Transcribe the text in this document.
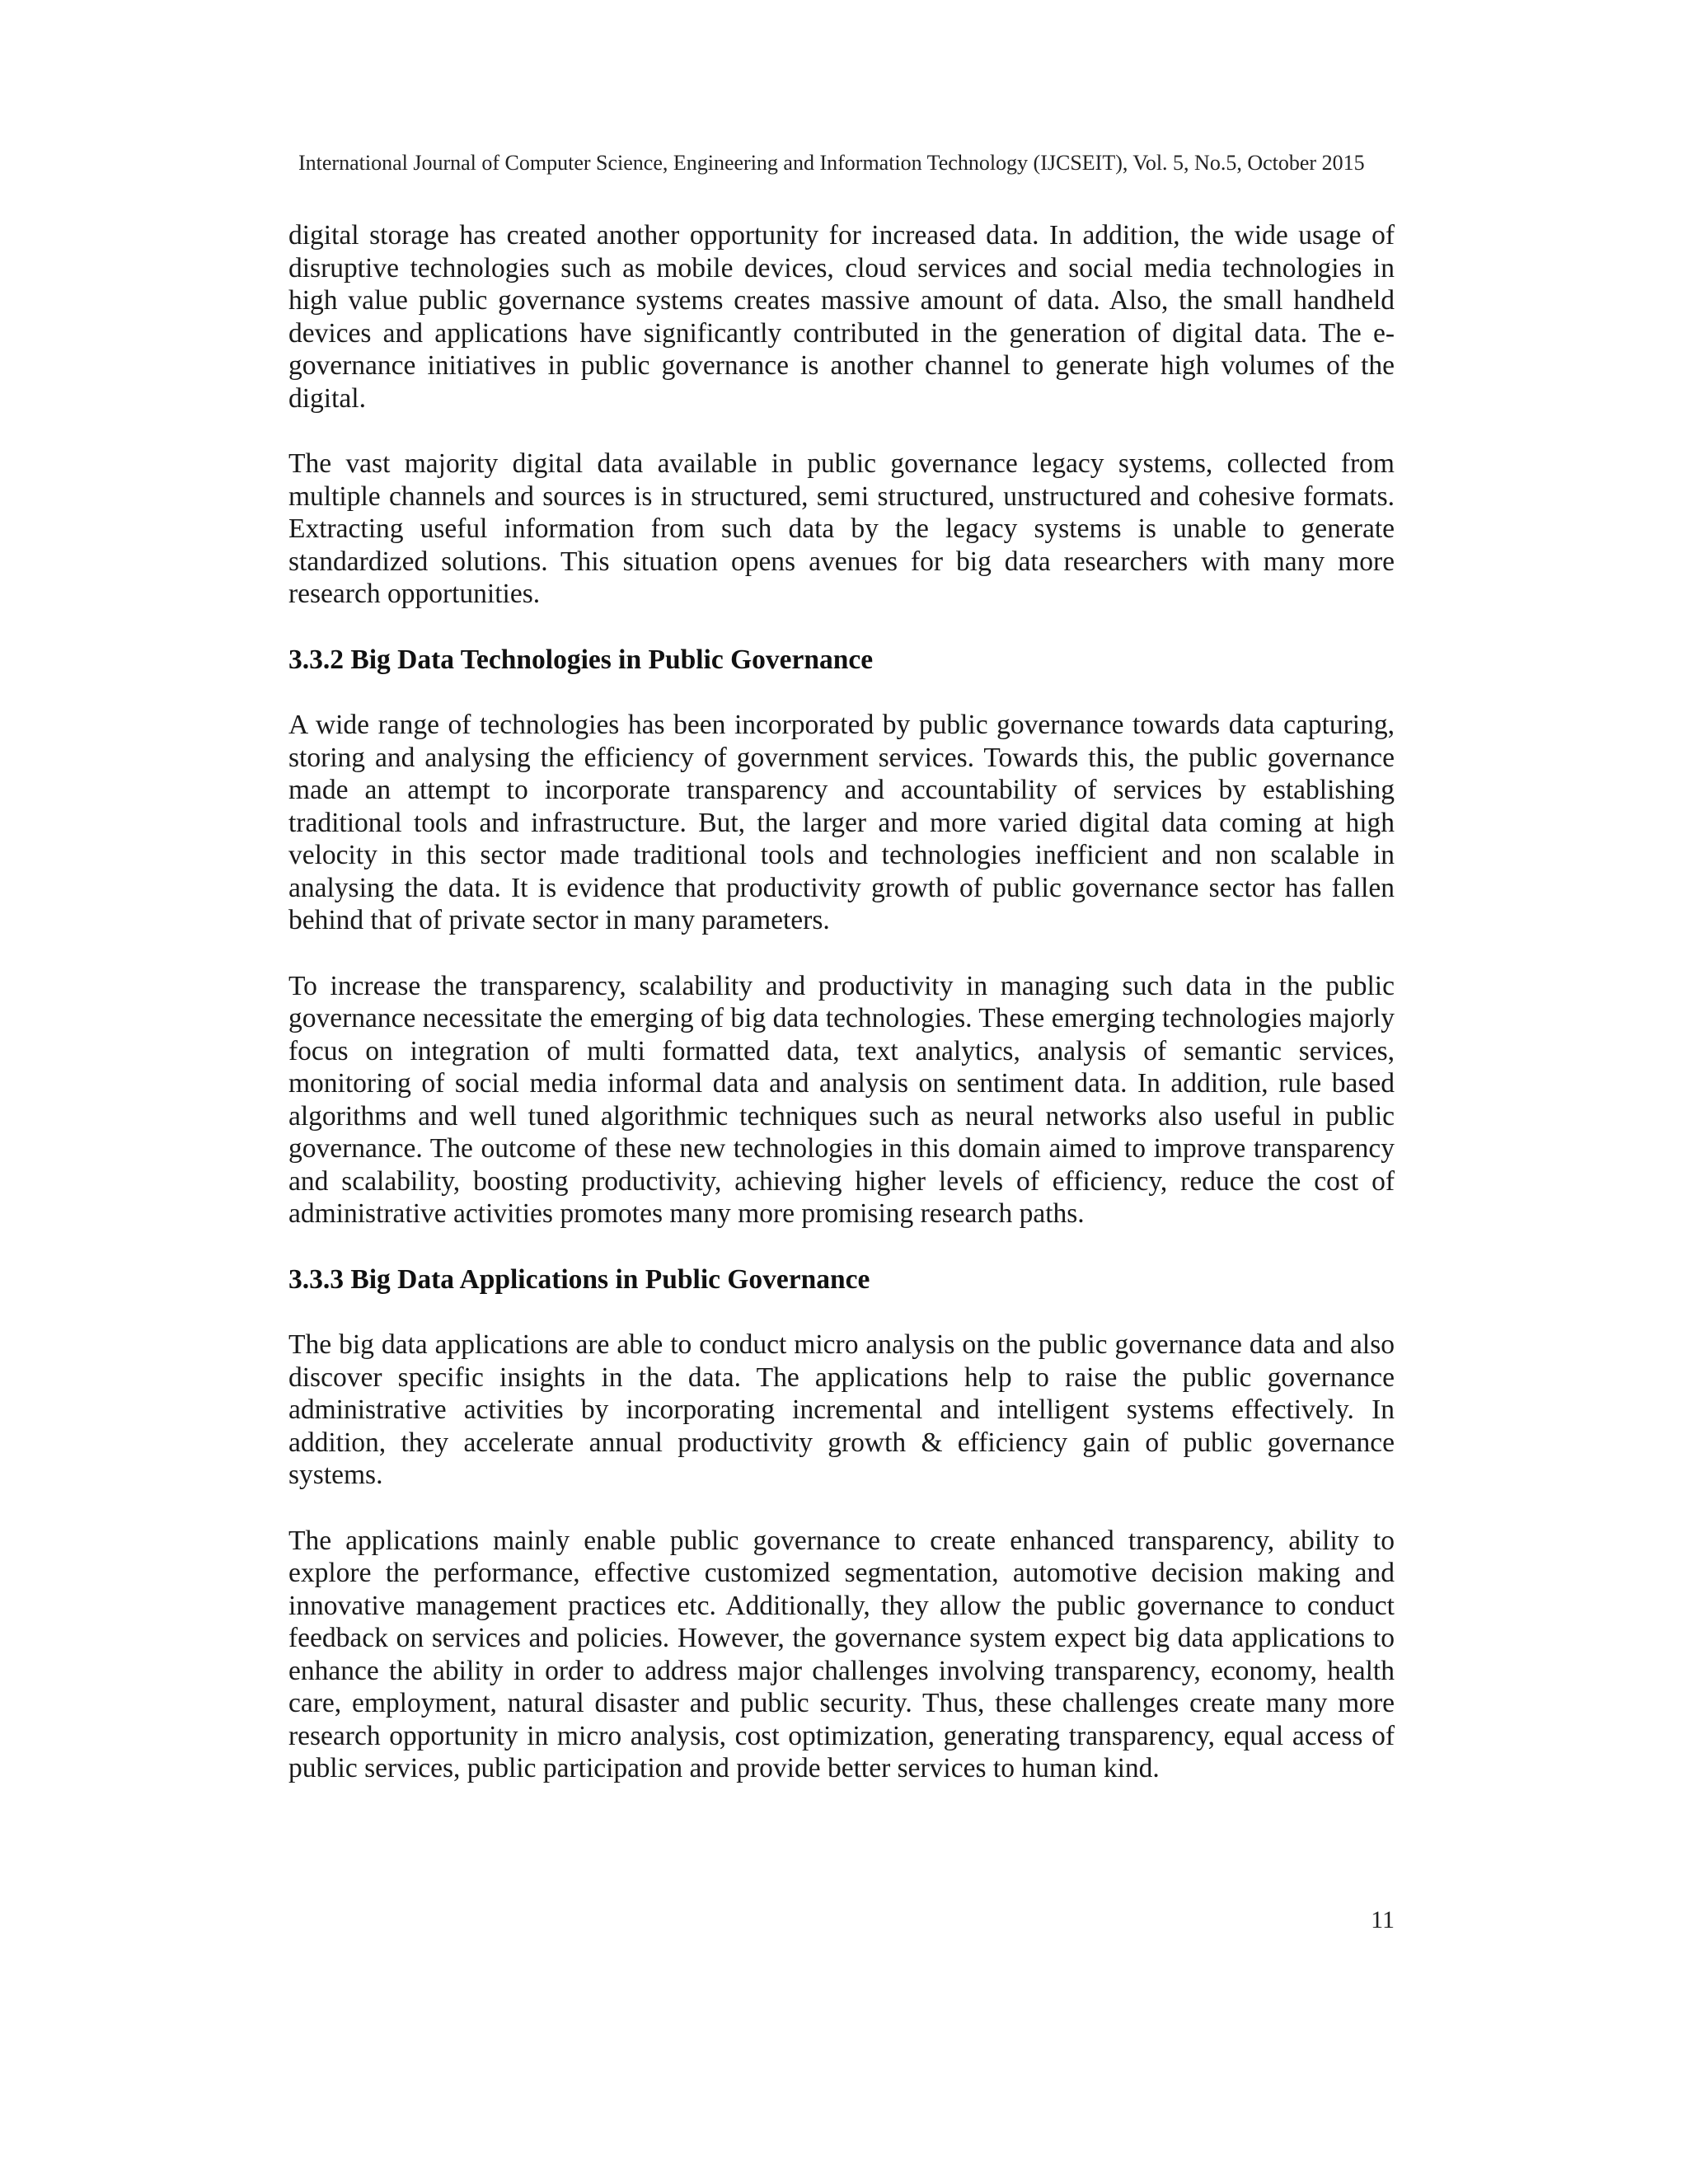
International Journal of Computer Science, Engineering and Information Technology (IJCSEIT), Vol. 5, No.5, October 2015

digital storage has created another opportunity for increased data. In addition, the wide usage of disruptive technologies such as mobile devices, cloud services and social media technologies in high value public governance systems creates massive amount of data. Also, the small handheld devices and applications have significantly contributed in the generation of digital data. The e-governance initiatives in public governance is another channel to generate high volumes of the digital.

The vast majority digital data available in public governance legacy systems, collected from multiple channels and sources is in structured, semi structured, unstructured and cohesive formats. Extracting useful information from such data by the legacy systems is unable to generate standardized solutions. This situation opens avenues for big data researchers with many more research opportunities.

3.3.2 Big Data Technologies in Public Governance

A wide range of technologies has been incorporated by public governance towards data capturing, storing and analysing the efficiency of government services. Towards this, the public governance made an attempt to incorporate transparency and accountability of services by establishing traditional tools and infrastructure. But, the larger and more varied digital data coming at high velocity in this sector made traditional tools and technologies inefficient and non scalable in analysing the data. It is evidence that productivity growth of public governance sector has fallen behind that of private sector in many parameters.

To increase the transparency, scalability and productivity in managing such data in the public governance necessitate the emerging of big data technologies. These emerging technologies majorly focus on integration of multi formatted data, text analytics, analysis of semantic services, monitoring of social media informal data and analysis on sentiment data. In addition, rule based algorithms and well tuned algorithmic techniques such as neural networks also useful in public governance. The outcome of these new technologies in this domain aimed to improve transparency and scalability, boosting productivity, achieving higher levels of efficiency, reduce the cost of administrative activities promotes many more promising research paths.

3.3.3 Big Data Applications in Public Governance

The big data applications are able to conduct micro analysis on the public governance data and also discover specific insights in the data. The applications help to raise the public governance administrative activities by incorporating incremental and intelligent systems effectively. In addition, they accelerate annual productivity growth & efficiency gain of public governance systems.

The applications mainly enable public governance to create enhanced transparency, ability to explore the performance, effective customized segmentation, automotive decision making and innovative management practices etc. Additionally, they allow the public governance to conduct feedback on services and policies. However, the governance system expect big data applications to enhance the ability in order to address major challenges involving transparency, economy, health care, employment, natural disaster and public security. Thus, these challenges create many more research opportunity in micro analysis, cost optimization, generating transparency, equal access of public services, public participation and provide better services to human kind.

11
